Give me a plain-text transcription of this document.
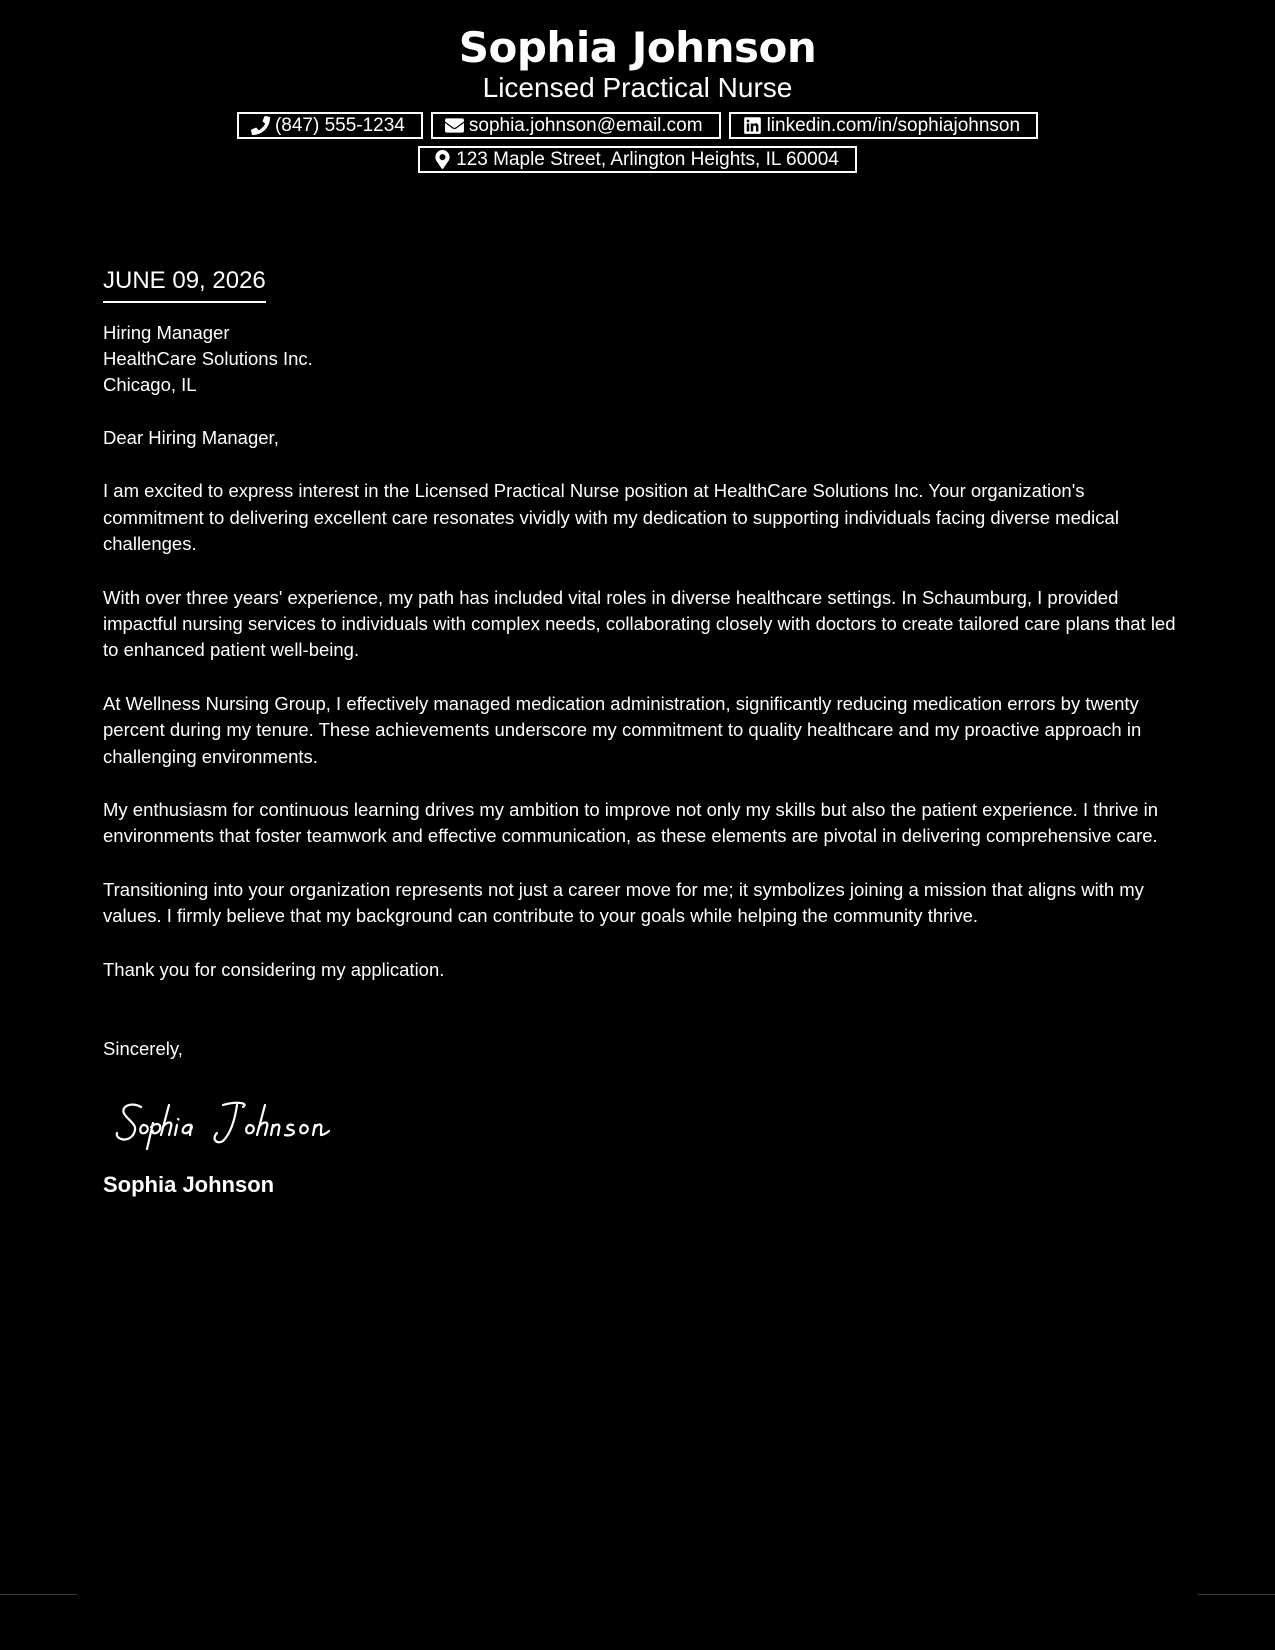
Sophia Johnson
Licensed Practical Nurse
(847) 555-1234	sophia.johnson@email.com	linkedin.com/in/sophiajohnson
123 Maple Street, Arlington Heights, IL 60004
JUNE 09, 2026
Hiring Manager
HealthCare Solutions Inc.
Chicago, IL
Dear Hiring Manager,
I am excited to express interest in the Licensed Practical Nurse position at HealthCare Solutions Inc. Your organization's commitment to delivering excellent care resonates vividly with my dedication to supporting individuals facing diverse medical challenges.
With over three years' experience, my path has included vital roles in diverse healthcare settings. In Schaumburg, I provided impactful nursing services to individuals with complex needs, collaborating closely with doctors to create tailored care plans that led to enhanced patient well-being.
At Wellness Nursing Group, I effectively managed medication administration, significantly reducing medication errors by twenty percent during my tenure. These achievements underscore my commitment to quality healthcare and my proactive approach in challenging environments.
My enthusiasm for continuous learning drives my ambition to improve not only my skills but also the patient experience. I thrive in environments that foster teamwork and effective communication, as these elements are pivotal in delivering comprehensive care.
Transitioning into your organization represents not just a career move for me; it symbolizes joining a mission that aligns with my values. I firmly believe that my background can contribute to your goals while helping the community thrive.
Thank you for considering my application.
Sincerely,
Sophia Johnson
